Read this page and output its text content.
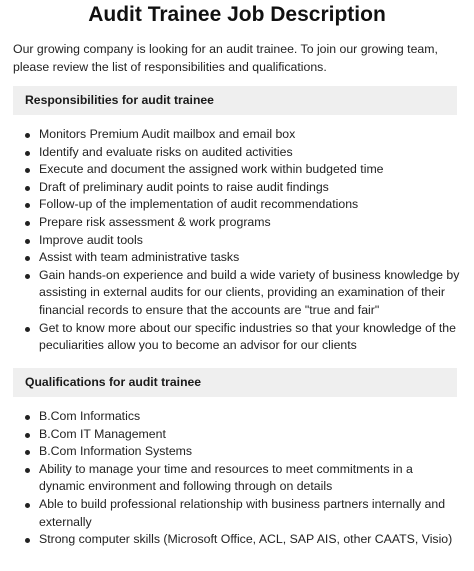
Audit Trainee Job Description

Our growing company is looking for an audit trainee. To join our growing team, please review the list of responsibilities and qualifications.

Responsibilities for audit trainee
Monitors Premium Audit mailbox and email box
Identify and evaluate risks on audited activities
Execute and document the assigned work within budgeted time
Draft of preliminary audit points to raise audit findings
Follow-up of the implementation of audit recommendations
Prepare risk assessment & work programs
Improve audit tools
Assist with team administrative tasks
Gain hands-on experience and build a wide variety of business knowledge by assisting in external audits for our clients, providing an examination of their financial records to ensure that the accounts are "true and fair"
Get to know more about our specific industries so that your knowledge of the peculiarities allow you to become an advisor for our clients
Qualifications for audit trainee
B.Com Informatics
B.Com IT Management
B.Com Information Systems
Ability to manage your time and resources to meet commitments in a dynamic environment and following through on details
Able to build professional relationship with business partners internally and externally
Strong computer skills (Microsoft Office, ACL, SAP AIS, other CAATS, Visio)
